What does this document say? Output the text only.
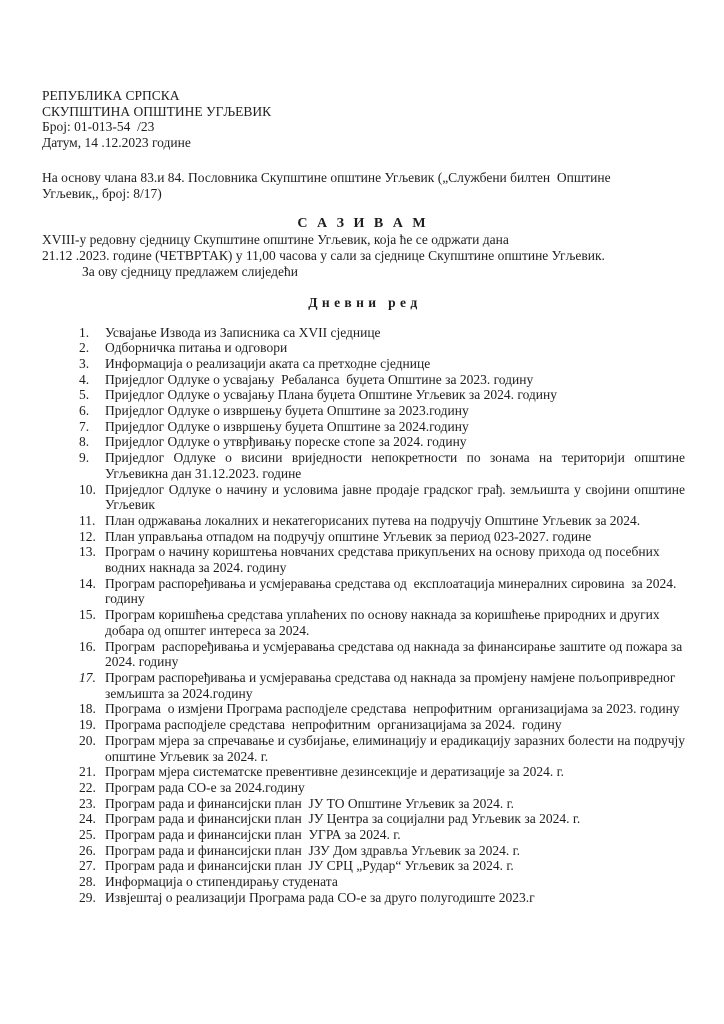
РЕПУБЛИКА СРПСКА
СКУПШТИНА ОПШТИНЕ УГЉЕВИК
Број: 01-013-54  /23
Датум, 14 .12.2023 године
На основу члана 83.и 84. Пословника Скупштине општине Угљевик („Службени билтен  Општине Угљевик,, број: 8/17)
С А З И В А М
XVIII-у редовну сједницу Скупштине општине Угљевик, која ће се одржати дана
21.12 .2023. године (ЧЕТВРТАК) у 11,00 часова у сали за сједнице Скупштине општине Угљевик.
За ову сједницу предлажем слиједећи
Д н е в н и   р е д
1.	Усвајање Извода из Записника са XVII сједнице
2.	Одборничка питања и одговори
3.	Информација о реализацији аката са претходне сједнице
4.	Приједлог Одлуке о усвајању  Ребаланса  буџета Општине за 2023. годину
5.	Приједлог Одлуке о усвајању Плана буџета Општине Угљевик за 2024. годину
6.	Приједлог Одлуке о извршењу буџета Општине за 2023.годину
7.	Приједлог Одлуке о извршењу буџета Општине за 2024.годину
8.	Приједлог Одлуке о утврђивању пореске стопе за 2024. годину
9.	Приједлог Одлуке о висини вриједности непокретности по зонама на територији општине Угљевикна дан 31.12.2023. године
10. Приједлог Одлуке о начину и условима јавне продаје градског грађ. земљишта у својини општине Угљевик
11. План одржавања локалних и некатегорисаних путева на подручју Општине Угљевик за 2024.
12. План управљања отпадом на подручју општине Угљевик за период 023-2027. године
13. Програм о начину кориштења новчаних средстава прикупљених на основу прихода од посебних водних накнада за 2024. годину
14. Програм распоређивања и усмјеравања средстава од  експлоатација минералних сировина  за 2024. годину
15. Програм коришћења средстава уплаћених по основу накнада за коришћење природних и других добара од општег интереса за 2024.
16. Програм  распоређивања и усмјеравања средстава од накнада за финансирање заштите од пожара за 2024. годину
17. Програм распоређивања и усмјеравања средстава од накнада за промјену намјене пољопривредног земљишта за 2024.годину
18. Програма  о измјени Програма расподјеле средстава  непрофитним  организацијама за 2023. годину
19. Програма расподјеле средстава  непрофитним  организацијама за 2024.  годину
20. Програм мјера за спречавање и сузбијање, елиминацију и ерадикацију заразних болести на подручју општине Угљевик за 2024. г.
21. Програм мјера систематске превентивне дезинсекције и дератизације за 2024. г.
22. Програм рада СО-е за 2024.годину
23. Програм рада и финансијски план  ЈУ ТО Општине Угљевик за 2024. г.
24. Програм рада и финансијски план  ЈУ Центра за социјални рад Угљевик за 2024. г.
25. Програм рада и финансијски план  УГРА за 2024. г.
26. Програм рада и финансијски план  ЈЗУ Дом здравља Угљевик за 2024. г.
27. Програм рада и финансијски план  ЈУ СРЦ „Рудар“ Угљевик за 2024. г.
28. Информација о стипендирању студената
29. Извјештај о реализацији Програма рада СО-е за друго полугодиште 2023.г
